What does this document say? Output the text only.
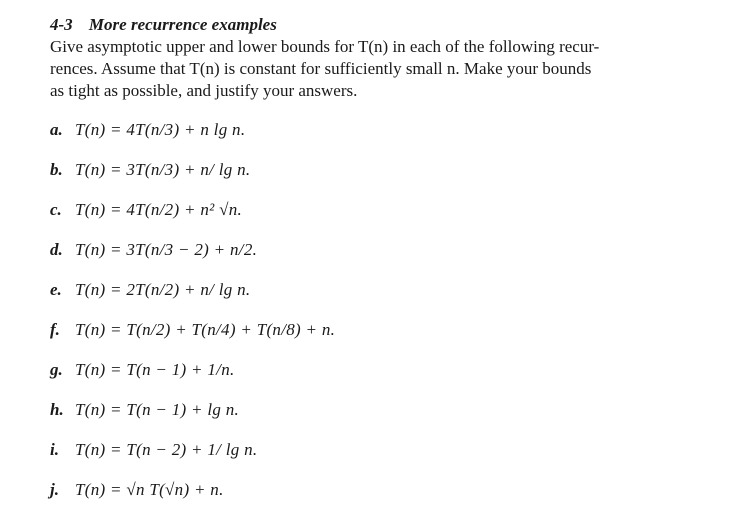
4-3 More recurrence examples
Give asymptotic upper and lower bounds for T(n) in each of the following recur-
rences. Assume that T(n) is constant for sufficiently small n. Make your bounds
as tight as possible, and justify your answers.
a. T(n) = 4T(n/3) + n lg n.
b. T(n) = 3T(n/3) + n/ lg n.
c. T(n) = 4T(n/2) + n² √n.
d. T(n) = 3T(n/3 − 2) + n/2.
e. T(n) = 2T(n/2) + n/ lg n.
f. T(n) = T(n/2) + T(n/4) + T(n/8) + n.
g. T(n) = T(n − 1) + 1/n.
h. T(n) = T(n − 1) + lg n.
i. T(n) = T(n − 2) + 1/ lg n.
j. T(n) = √n T(√n) + n.
